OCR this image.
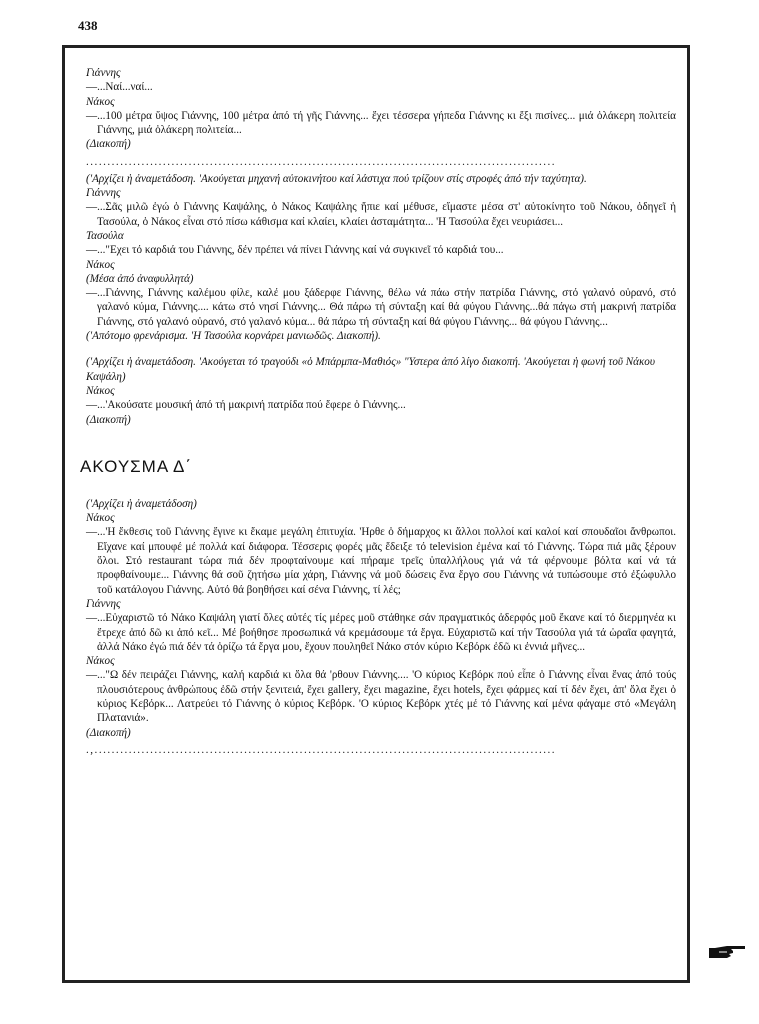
438
Γιάννης
—...Ναί...ναί...
Νάκος
—...100 μέτρα ὕψος Γιάννης, 100 μέτρα ἀπό τή γῆς Γιάννης... ἔχει τέσσερα γήπεδα Γιάννης κι ἔξι πισίνες... μιά ὁλάκερη πολιτεία Γιάννης, μιά ὁλάκερη πολιτεία...
(Διακοπή)
..............................................................................................................
('Αρχίζει ἡ ἀναμετάδοση. 'Ακούγεται μηχανή αὐτοκινήτου καί λάστιχα πού τρίζουν στίς στροφές ἀπό τήν ταχύτητα).
Γιάννης
—...Σᾶς μιλῶ ἐγώ ὁ Γιάννης Καψάλης, ὁ Νάκος Καψάλης ἤπιε καί μέθυσε, εἴμαστε μέσα στ' αὐτοκίνητο τοῦ Νάκου, ὁδηγεῖ ἡ Τασούλα, ὁ Νάκος εἶναι στό πίσω κάθισμα καί κλαίει, κλαίει ἀσταμάτητα... 'Η Τασούλα ἔχει νευριάσει...
Τασούλα
—..."Εχει τό καρδιά του Γιάννης, δέν πρέπει νά πίνει Γιάννης καί νά συγκινεῖ τό καρδιά του...
Νάκος
(Μέσα ἀπό ἀναφυλλητά)
—...Γιάννης, Γιάννης καλέμου φίλε, καλέ μου ξάδερφε Γιάννης, θέλω νά πάω στήν πατρίδα Γιάννης, στό γαλανό οὐρανό, στό γαλανό κύμα, Γιάννης.... κάτω στό νησί Γιάννης... Θά πάρω τή σύνταξη καί θά φύγου Γιάννης...θά πάγω στή μακρινή πατρίδα Γιάννης, στό γαλανό οὐρανό, στό γαλανό κύμα... θά πάρω τή σύνταξη καί θά φύγου Γιάννης... θά φύγου Γιάννης...
('Απότομο φρενάρισμα. 'Η Τασούλα κορνάρει μανιωδῶς. Διακοπή).
('Αρχίζει ἡ ἀναμετάδοση. 'Ακούγεται τό τραγούδι «ὁ Μπάρμπα-Μαθιός» "Υστερα ἀπό λίγο διακοπή. 'Ακούγεται ἡ φωνή τοῦ Νάκου Καψάλη)
Νάκος
—...'Ακούσατε μουσική ἀπό τή μακρινή πατρίδα πού ἔφερε ὁ Γιάννης...
(Διακοπή)
ΑΚΟΥΣΜΑ Δ΄
('Αρχίζει ἡ ἀναμετάδοση)
Νάκος
—...'Η ἔκθεσις τοῦ Γιάννης ἔγινε κι ἔκαμε μεγάλη ἐπιτυχία. 'Ηρθε ὁ δήμαρχος κι ἄλλοι πολλοί καί καλοί καί σπουδαῖοι ἄνθρωποι. Εἴχανε καί μπουφέ μέ πολλά καί διάφορα. Τέσσερις φορές μᾶς ἔδειξε τό television ἐμένα καί τό Γιάννης. Τώρα πιά μᾶς ξέρουν ὅλοι. Στό restaurant τώρα πιά δέν προφταίνουμε καί πήραμε τρεῖς ὑπαλλήλους γιά νά τά φέρνουμε βόλτα καί νά τά προφθαίνουμε... Γιάννης θά σοῦ ζητήσω μία χάρη, Γιάννης νά μοῦ δώσεις ἕνα ἔργο σου Γιάννης νά τυπώσουμε στό ἐξώφυλλο τοῦ κατάλογου Γιάννης. Αὐτό θά βοηθήσει καί σένα Γιάννης, τί λές;
Γιάννης
—...Εὐχαριστῶ τό Νάκο Καψάλη γιατί ὅλες αὐτές τίς μέρες μοῦ στάθηκε σάν πραγματικός ἀδερφός μοῦ ἔκανε καί τό διερμηνέα κι ἔτρεχε ἀπό δῶ κι ἀπό κεῖ... Μέ βοήθησε προσωπικά νά κρεμάσουμε τά ἔργα. Εὐχαριστῶ καί τήν Τασούλα γιά τά ὡραῖα φαγητά, ἀλλά Νάκο ἐγώ πιά δέν τά ὁρίζω τά ἔργα μου, ἔχουν πουληθεῖ Νάκο στόν κύριο Κεβόρκ ἐδῶ κι ἐννιά μῆνες...
Νάκος
—..."Ω δέν πειράζει Γιάννης, καλή καρδιά κι ὅλα θά 'ρθουν Γιάννης.... 'Ο κύριος Κεβόρκ πού εἶπε ὁ Γιάννης εἶναι ἕνας ἀπό τούς πλουσιότερους ἀνθρώπους ἐδῶ στήν ξενιτειά, ἔχει gallery, ἔχει magazine, ἔχει hotels, ἔχει φάρμες καί τί δέν ἔχει, ἀπ' ὅλα ἔχει ὁ κύριος Κεβόρκ... Λατρεύει τό Γιάννης ὁ κύριος Κεβόρκ. 'Ο κύριος Κεβόρκ χτές μέ τό Γιάννης καί μένα φάγαμε στό «Μεγάλη Πλατανιά».
(Διακοπή)
.,............................................................................................................
